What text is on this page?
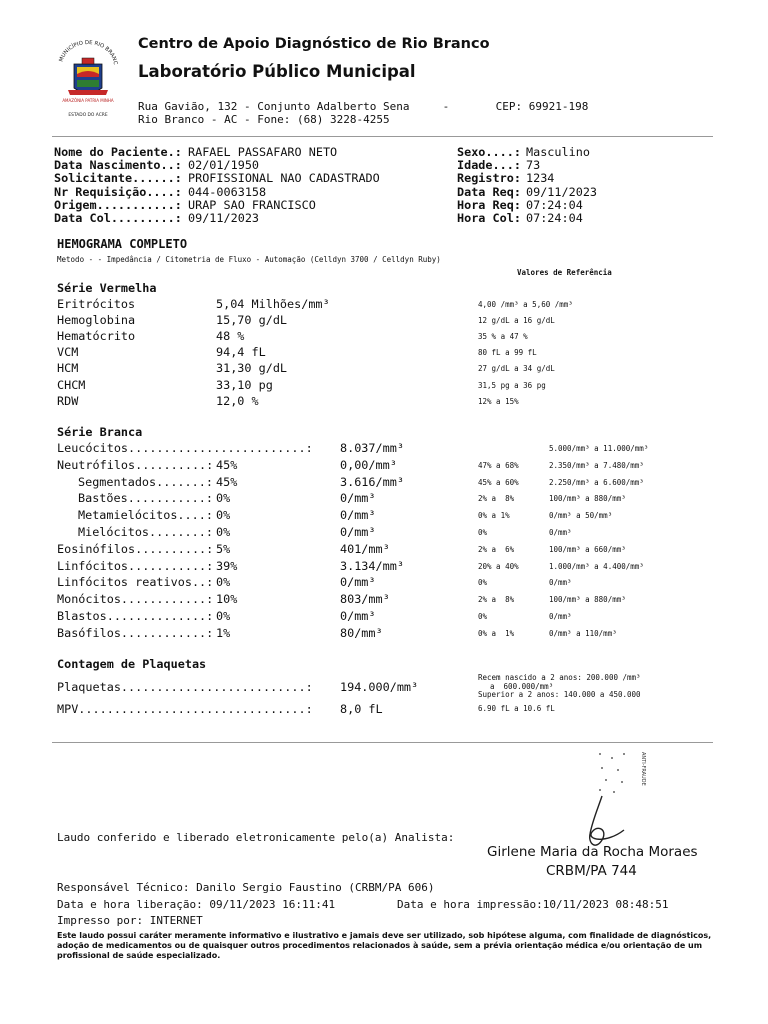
MUNICÍPIO DE RIO BRANC
AMAZÔNIA PATRIA MINHA
ESTADO DO ACRE
Centro de Apoio Diagnóstico de Rio Branco
Laboratório Público Municipal
Rua Gavião, 132 - Conjunto Adalberto Sena     -       CEP: 69921-198
Rio Branco - AC - Fone: (68) 3228-4255
Nome do Paciente.: RAFAEL PASSAFARO NETO
Data Nascimento..: 02/01/1950
Solicitante......: PROFISSIONAL NAO CADASTRADO
Nr Requisição....: 044-0063158
Origem...........: URAP SAO FRANCISCO
Data Col.........: 09/11/2023
Sexo....: Masculino
Idade...: 73
Registro: 1234
Data Req: 09/11/2023
Hora Req: 07:24:04
Hora Col: 07:24:04
HEMOGRAMA COMPLETO
Metodo - - Impedância / Citometria de Fluxo - Automação (Celldyn 3700 / Celldyn Ruby)
Valores de Referência
Série Vermelha
Eritrócitos	5,04 Milhões/mm³	4,00 /mm³ a 5,60 /mm³
Hemoglobina	15,70 g/dL	12 g/dL a 16 g/dL
Hematócrito	48 %	35 % a 47 %
VCM	94,4 fL	80 fL a 99 fL
HCM	31,30 g/dL	27 g/dL a 34 g/dL
CHCM	33,10 pg	31,5 pg a 36 pg
RDW	12,0 %	12% a 15%
Série Branca
Leucócitos.........................: 8.037/mm³	5.000/mm³ a 11.000/mm³
Neutrófilos..........: 45%	0,00/mm³	47% a 68%	2.350/mm³ a 7.480/mm³
Segmentados.......: 45%	3.616/mm³	45% a 60%	2.250/mm³ a 6.600/mm³
Bastões...........: 0%	0/mm³	2% a  8%	100/mm³ a 880/mm³
Metamielócitos....: 0%	0/mm³	0% a 1%	0/mm³ a 50/mm³
Mielócitos........: 0%	0/mm³	0%	0/mm³
Eosinófilos..........: 5%	401/mm³	2% a  6%	100/mm³ a 660/mm³
Linfócitos...........: 39%	3.134/mm³	20% a 40%	1.000/mm³ a 4.400/mm³
Linfócitos reativos..: 0%	0/mm³	0%	0/mm³
Monócitos............: 10%	803/mm³	2% a  8%	100/mm³ a 880/mm³
Blastos..............: 0%	0/mm³	0%	0/mm³
Basófilos............: 1%	80/mm³	0% a  1%	0/mm³ a 110/mm³
Contagem de Plaquetas
Plaquetas..........................: 194.000/mm³
Recem nascido a 2 anos: 200.000 /mm³
a  600.000/mm³
Superior a 2 anos: 140.000 a 450.000
MPV................................: 8,0 fL	6.90 fL a 10.6 fL
ANTI-FRAUDE
Laudo conferido e liberado eletronicamente pelo(a) Analista:
Girlene Maria da Rocha Moraes
CRBM/PA 744
Responsável Técnico: Danilo Sergio Faustino (CRBM/PA 606)
Data e hora liberação: 09/11/2023 16:11:41	Data e hora impressão:10/11/2023 08:48:51
Impresso por: INTERNET
Este laudo possui caráter meramente informativo e ilustrativo e jamais deve ser utilizado, sob hipótese alguma, com finalidade de diagnósticos, adoção de medicamentos ou de quaisquer outros procedimentos relacionados à saúde, sem a prévia orientação médica e/ou orientação de um profissional de saúde especializado.
